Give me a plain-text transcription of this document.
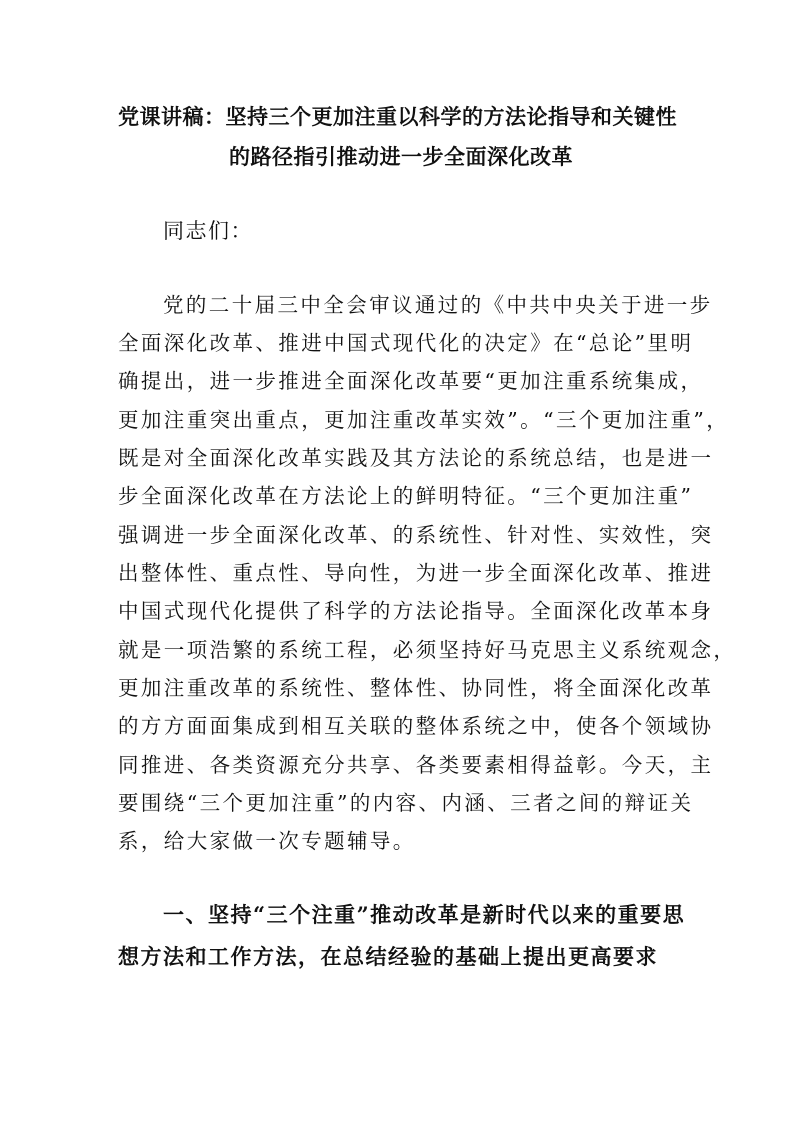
党课讲稿：坚持三个更加注重以科学的方法论指导和关键性
的路径指引推动进一步全面深化改革
同志们：
党的二十届三中全会审议通过的《中共中央关于进一步
全面深化改革、推进中国式现代化的决定》在“总论”里明
确提出，进一步推进全面深化改革要“更加注重系统集成，
更加注重突出重点，更加注重改革实效”。“三个更加注重”，
既是对全面深化改革实践及其方法论的系统总结，也是进一
步全面深化改革在方法论上的鲜明特征。“三个更加注重”
强调进一步全面深化改革、的系统性、针对性、实效性，突
出整体性、重点性、导向性，为进一步全面深化改革、推进
中国式现代化提供了科学的方法论指导。全面深化改革本身
就是一项浩繁的系统工程，必须坚持好马克思主义系统观念，
更加注重改革的系统性、整体性、协同性，将全面深化改革
的方方面面集成到相互关联的整体系统之中，使各个领域协
同推进、各类资源充分共享、各类要素相得益彰。今天，主
要围绕“三个更加注重”的内容、内涵、三者之间的辩证关
系，给大家做一次专题辅导。
一、坚持“三个注重”推动改革是新时代以来的重要思
想方法和工作方法，在总结经验的基础上提出更高要求
